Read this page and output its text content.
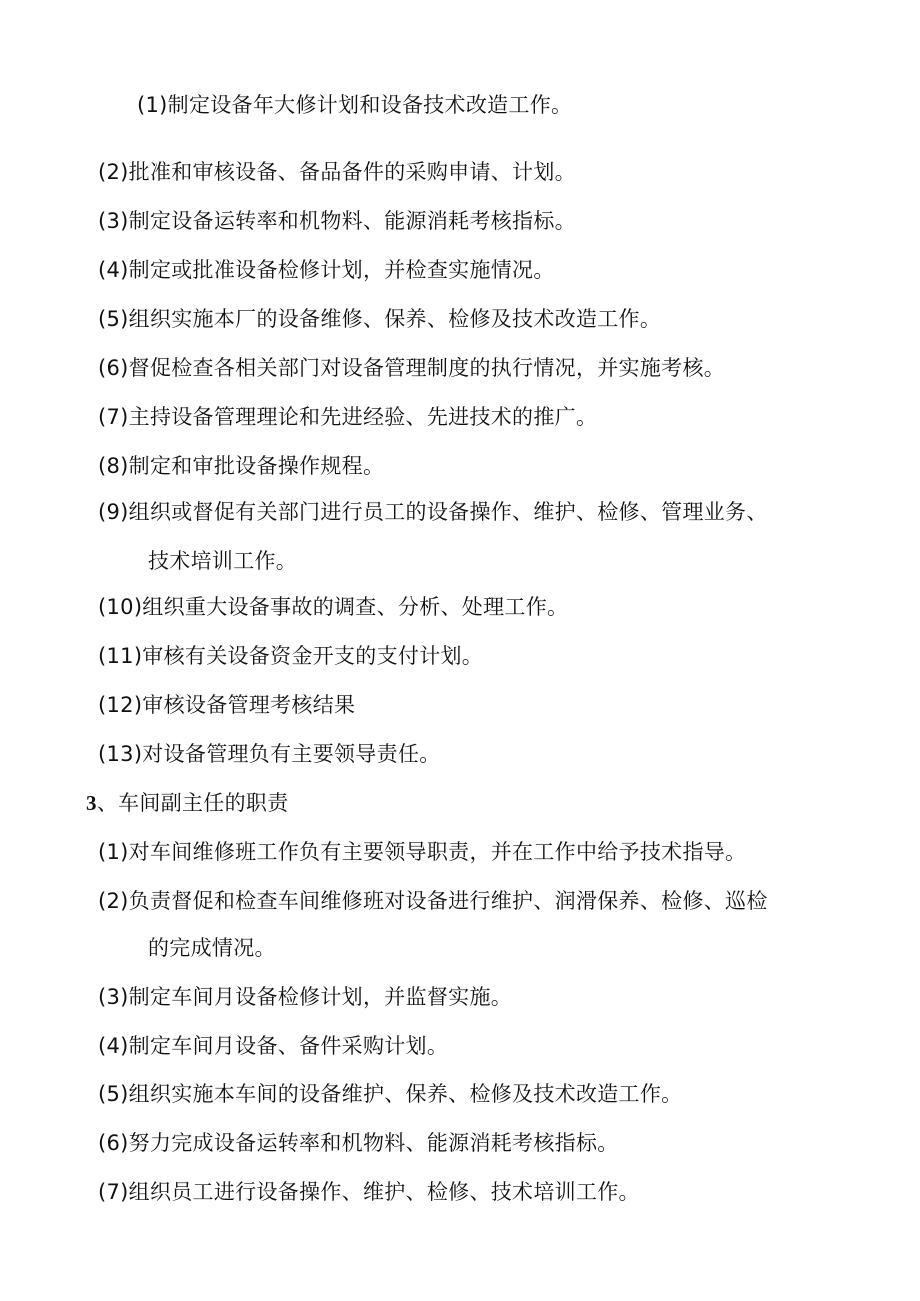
(1)制定设备年大修计划和设备技术改造工作。
(2)批准和审核设备、备品备件的采购申请、计划。
(3)制定设备运转率和机物料、能源消耗考核指标。
(4)制定或批准设备检修计划，并检查实施情况。
(5)组织实施本厂的设备维修、保养、检修及技术改造工作。
(6)督促检查各相关部门对设备管理制度的执行情况，并实施考核。
(7)主持设备管理理论和先进经验、先进技术的推广。
(8)制定和审批设备操作规程。
(9)组织或督促有关部门进行员工的设备操作、维护、检修、管理业务、
技术培训工作。
(10)组织重大设备事故的调查、分析、处理工作。
(11)审核有关设备资金开支的支付计划。
(12)审核设备管理考核结果
(13)对设备管理负有主要领导责任。
3、车间副主任的职责
(1)对车间维修班工作负有主要领导职责，并在工作中给予技术指导。
(2)负责督促和检查车间维修班对设备进行维护、润滑保养、检修、巡检
的完成情况。
(3)制定车间月设备检修计划，并监督实施。
(4)制定车间月设备、备件采购计划。
(5)组织实施本车间的设备维护、保养、检修及技术改造工作。
(6)努力完成设备运转率和机物料、能源消耗考核指标。
(7)组织员工进行设备操作、维护、检修、技术培训工作。
